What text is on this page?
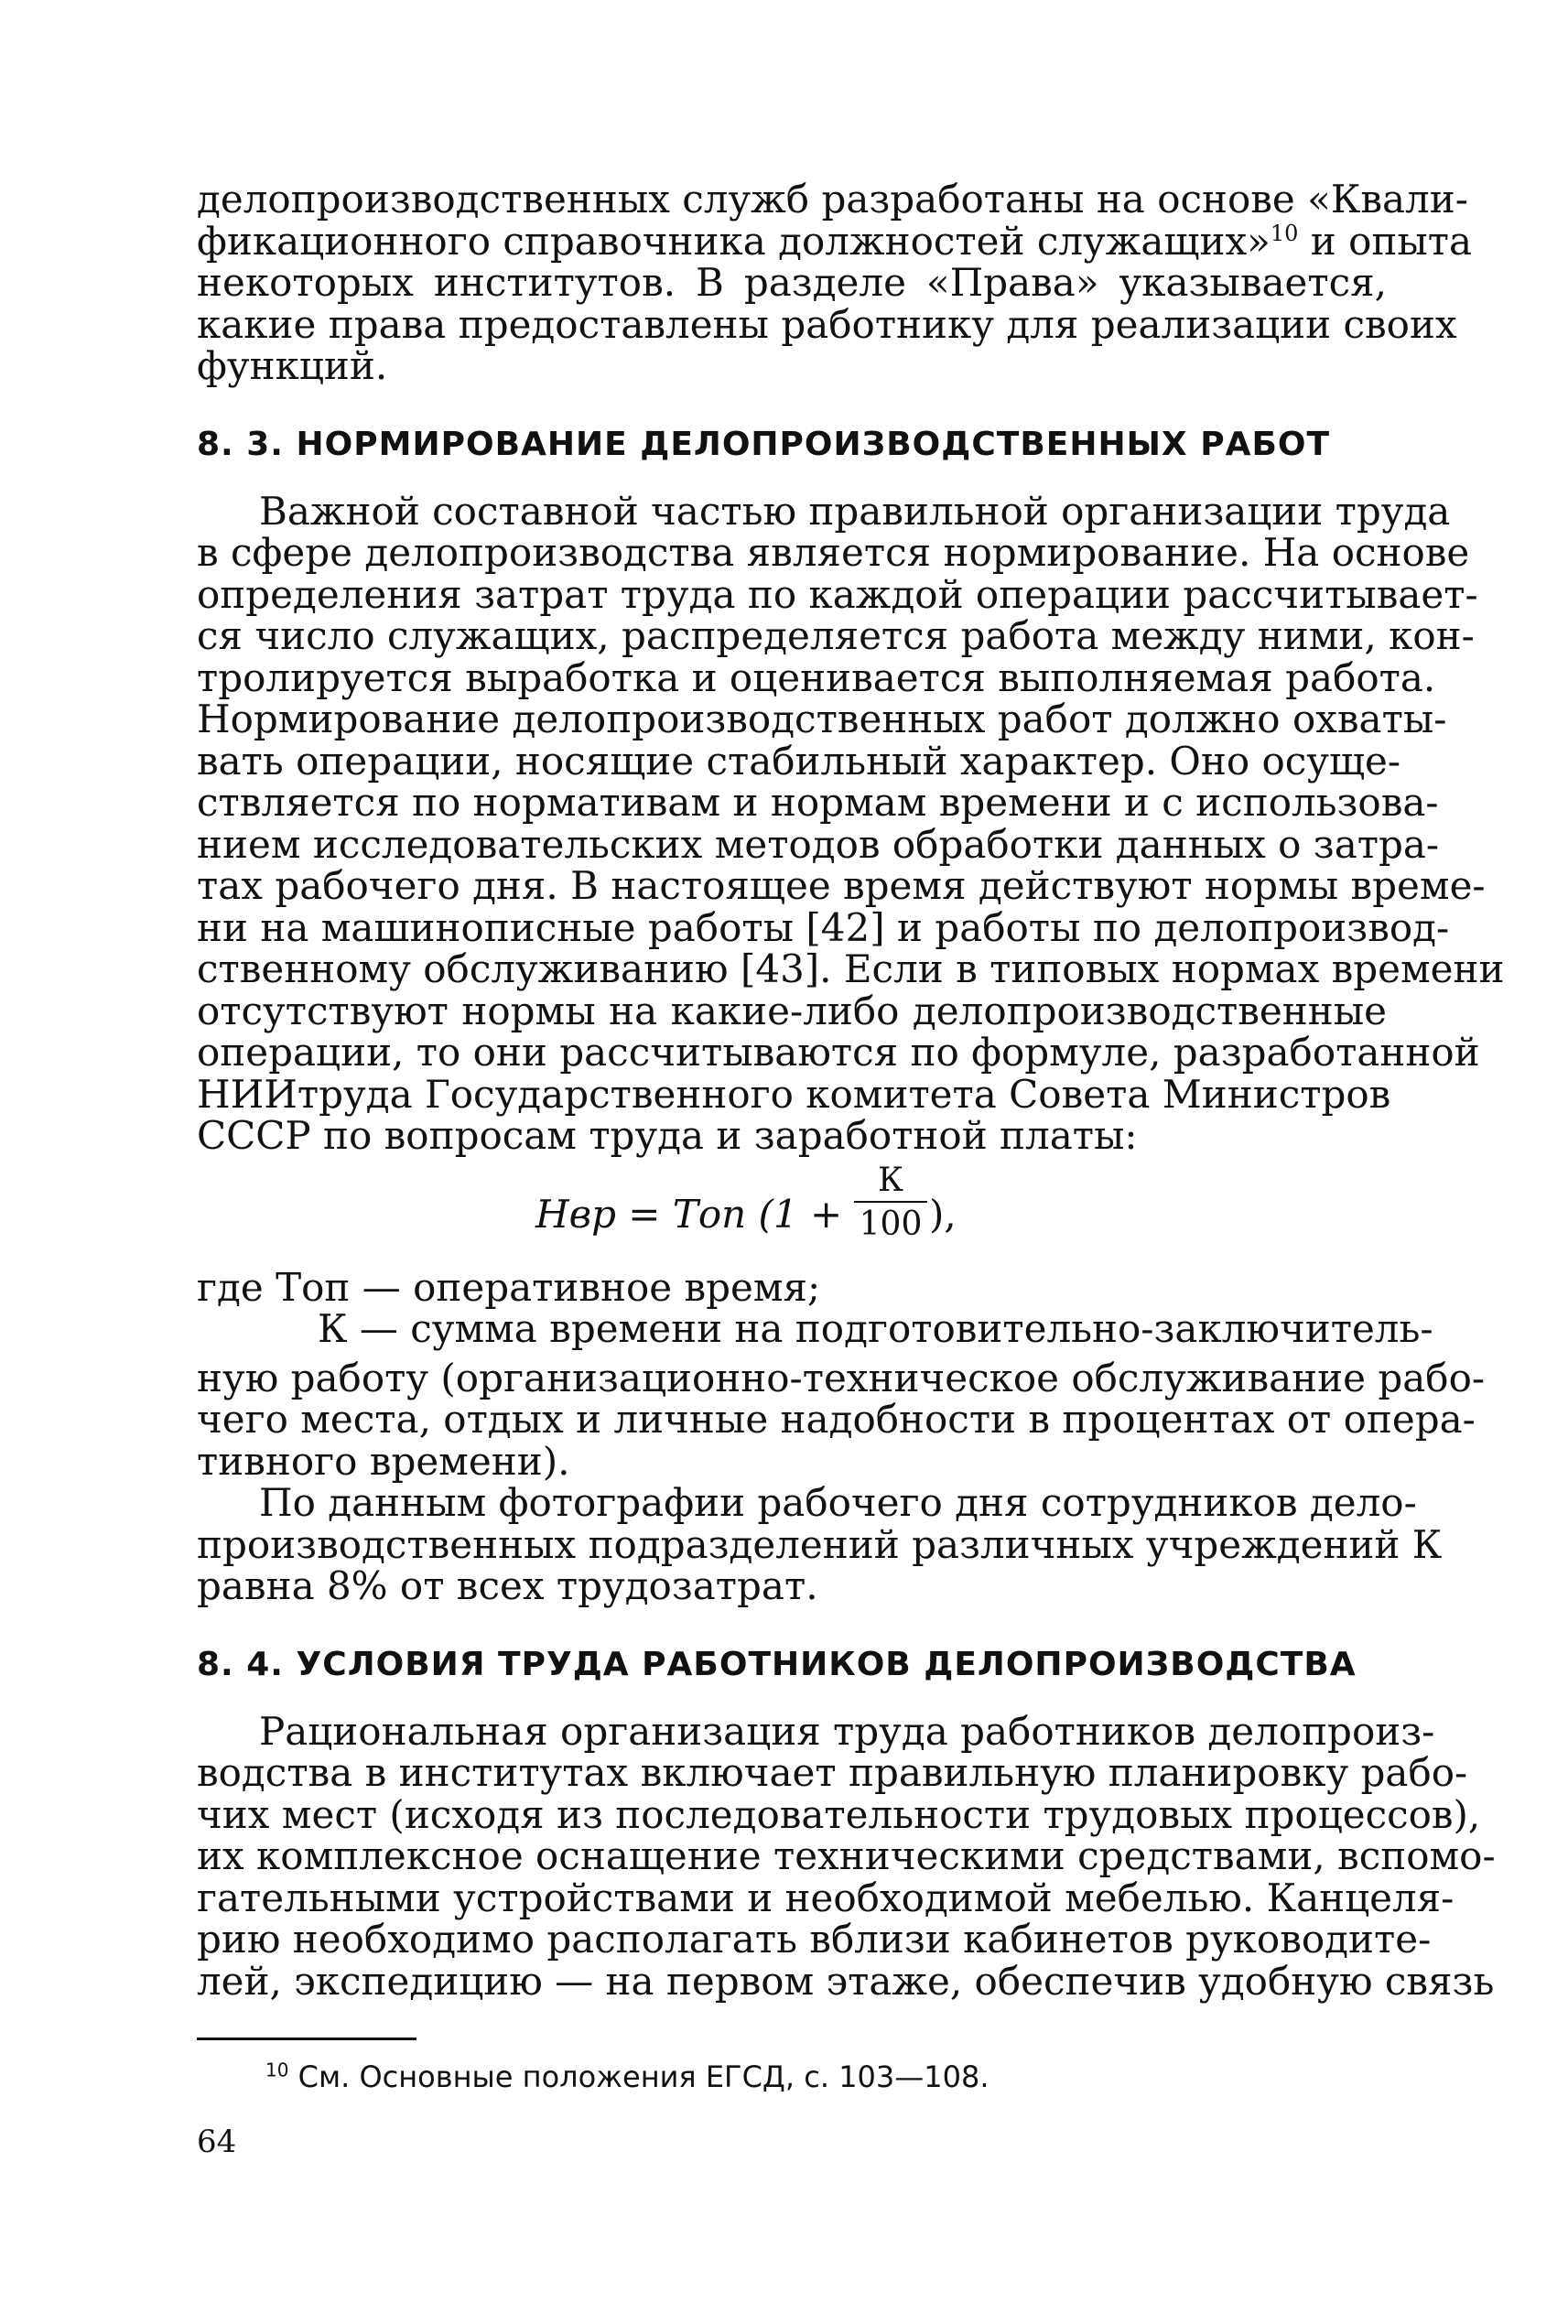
делопроизводственных служб разработаны на основе «Квали-
фикационного справочника должностей служащих»$^{10}$ и опыта
некоторых институтов. В разделе «Права» указывается,
какие права предоставлены работнику для реализации своих
функций.
8. 3. НОРМИРОВАНИЕ ДЕЛОПРОИЗВОДСТВЕННЫХ РАБОТ
Важной составной частью правильной организации труда
в сфере делопроизводства является нормирование. На основе
определения затрат труда по каждой операции рассчитывает-
ся число служащих, распределяется работа между ними, кон-
тролируется выработка и оценивается выполняемая работа.
Нормирование делопроизводственных работ должно охваты-
вать операции, носящие стабильный характер. Оно осуще-
ствляется по нормативам и нормам времени и с использова-
нием исследовательских методов обработки данных о затра-
тах рабочего дня. В настоящее время действуют нормы време-
ни на машинописные работы [42] и работы по делопроизвод-
ственному обслуживанию [43]. Если в типовых нормах времени
отсутствуют нормы на какие-либо делопроизводственные
операции, то они рассчитываются по формуле, разработанной
НИИтруда Государственного комитета Совета Министров
СССР по вопросам труда и заработной платы:
Нвр = Топ (1 +
К
100 ),
где Топ — оперативное время;
К — сумма времени на подготовительно-заключитель-
ную работу (организационно-техническое обслуживание рабо-
чего места, отдых и личные надобности в процентах от опера-
тивного времени).
По данным фотографии рабочего дня сотрудников дело-
производственных подразделений различных учреждений К
равна 8% от всех трудозатрат.
8. 4. УСЛОВИЯ ТРУДА РАБОТНИКОВ ДЕЛОПРОИЗВОДСТВА
Рациональная организация труда работников делопроиз-
водства в институтах включает правильную планировку рабо-
чих мест (исходя из последовательности трудовых процессов),
их комплексное оснащение техническими средствами, вспомо-
гательными устройствами и необходимой мебелью. Канцеля-
рию необходимо располагать вблизи кабинетов руководите-
лей, экспедицию — на первом этаже, обеспечив удобную связь
$^{10}$ См. Основные положения ЕГСД, с. 103—108.
64
